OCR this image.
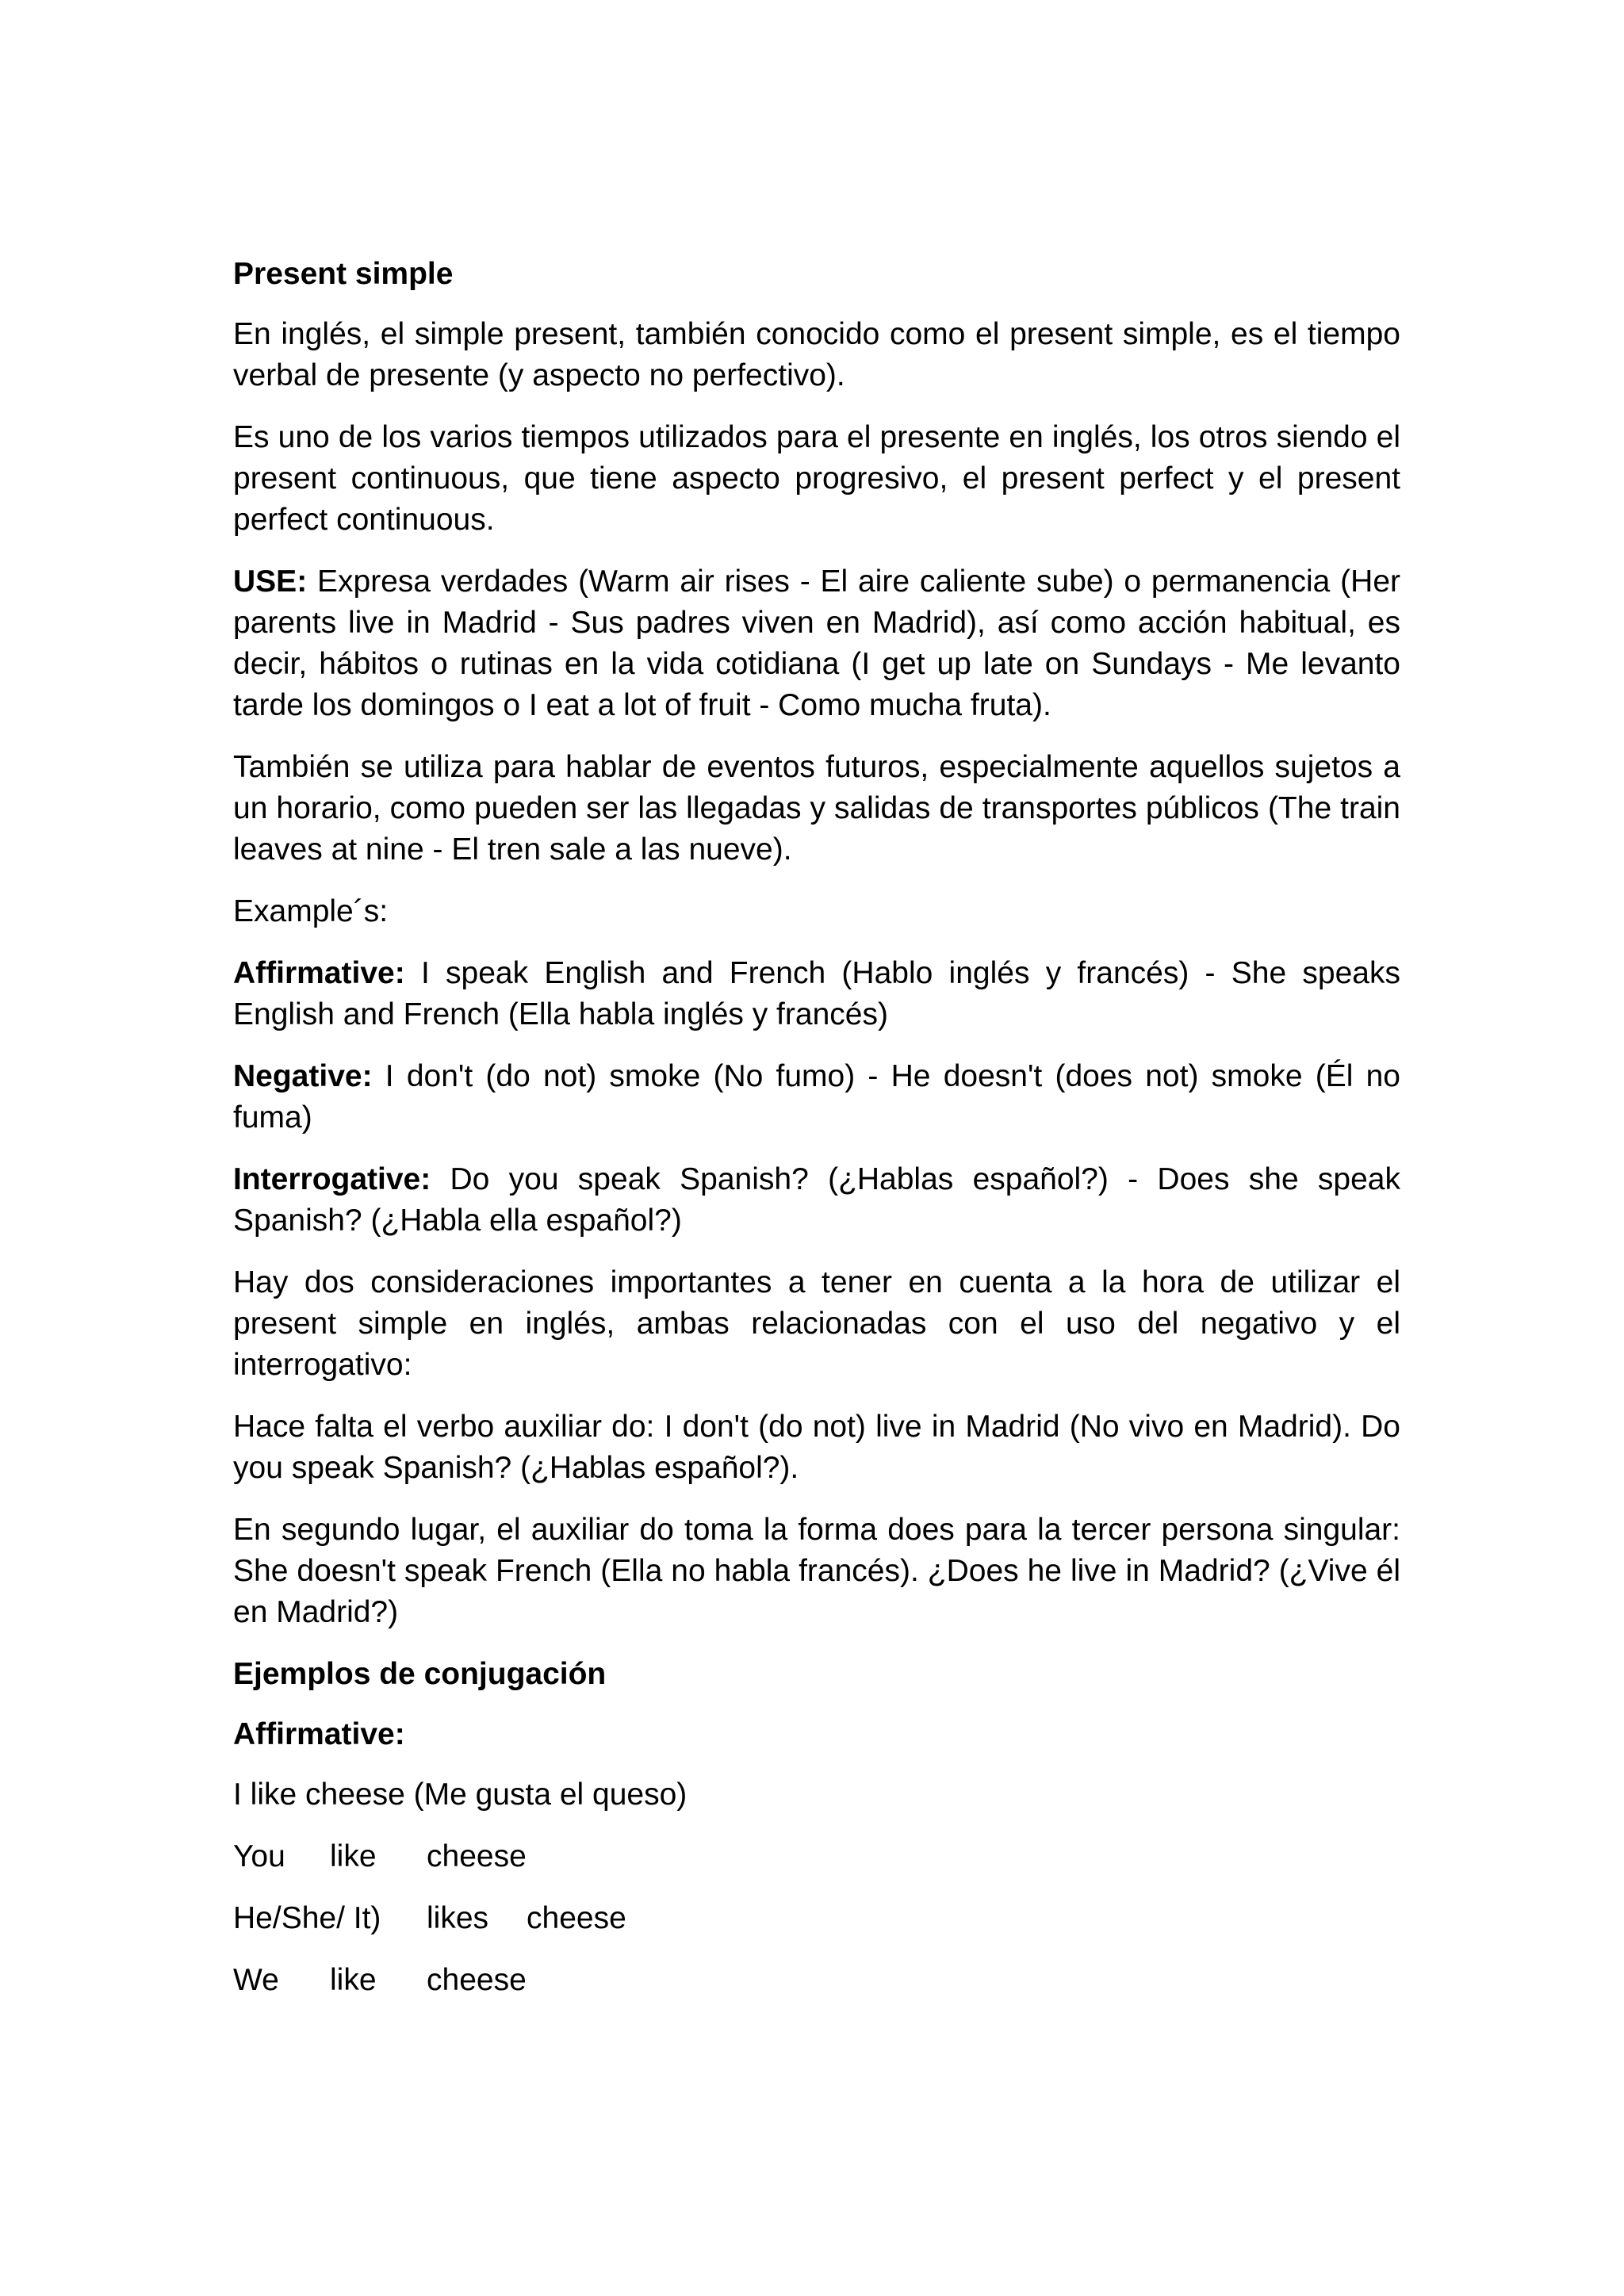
Present simple
En inglés, el simple present, también conocido como el present simple, es el tiempo verbal de presente (y aspecto no perfectivo).
Es uno de los varios tiempos utilizados para el presente en inglés, los otros siendo el present continuous, que tiene aspecto progresivo, el present perfect y el present perfect continuous.
USE: Expresa verdades (Warm air rises - El aire caliente sube) o permanencia (Her parents live in Madrid - Sus padres viven en Madrid), así como acción habitual, es decir, hábitos o rutinas en la vida cotidiana (I get up late on Sundays - Me levanto tarde los domingos o I eat a lot of fruit - Como mucha fruta).
También se utiliza para hablar de eventos futuros, especialmente aquellos sujetos a un horario, como pueden ser las llegadas y salidas de transportes públicos (The train leaves at nine - El tren sale a las nueve).
Example´s:
Affirmative: I speak English and French (Hablo inglés y francés) - She speaks English and French (Ella habla inglés y francés)
Negative: I don't (do not) smoke (No fumo) - He doesn't (does not) smoke (Él no fuma)
Interrogative: Do you speak Spanish? (¿Hablas español?) - Does she speak Spanish? (¿Habla ella español?)
Hay dos consideraciones importantes a tener en cuenta a la hora de utilizar el present simple en inglés, ambas relacionadas con el uso del negativo y el interrogativo:
Hace falta el verbo auxiliar do: I don't (do not) live in Madrid (No vivo en Madrid). Do you speak Spanish? (¿Hablas español?).
En segundo lugar, el auxiliar do toma la forma does para la tercer persona singular: She doesn't speak French (Ella no habla francés). ¿Does he live in Madrid? (¿Vive él en Madrid?)
Ejemplos de conjugación
Affirmative:
I like cheese (Me gusta el queso)
You	like	cheese
He/She/ It)	likes	cheese
We	like	cheese
